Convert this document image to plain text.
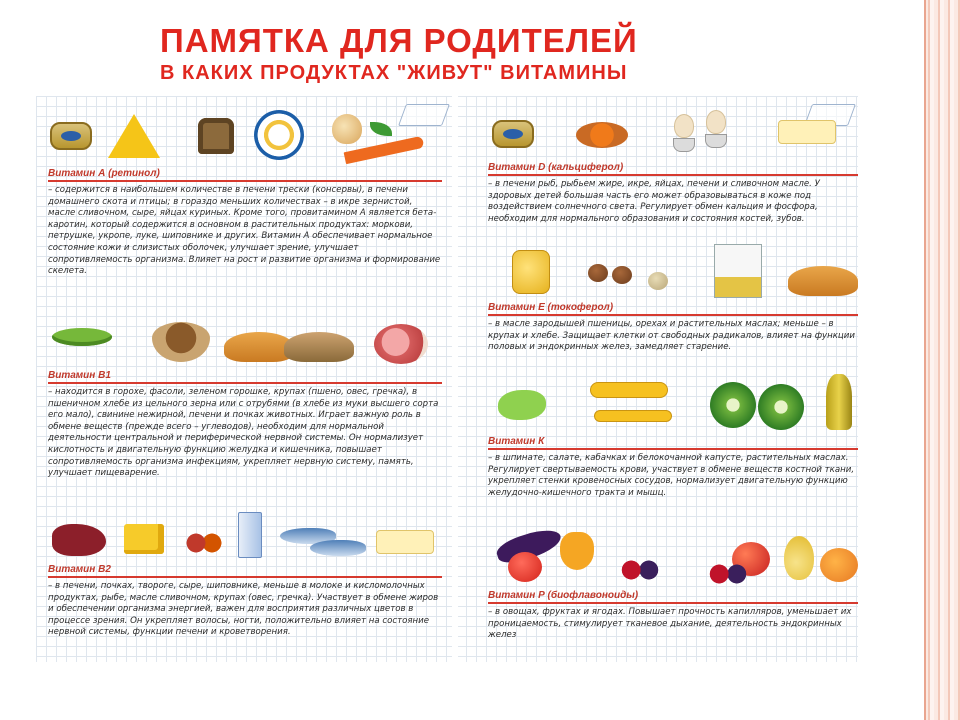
ПАМЯТКА ДЛЯ РОДИТЕЛЕЙ
В КАКИХ ПРОДУКТАХ "ЖИВУТ" ВИТАМИНЫ
Витамин А (ретинол)
– содержится в наибольшем количестве в печени трески (консервы), в печени домашнего скота и птицы; в гораздо меньших количествах – в икре зернистой, масле сливочном, сыре, яйцах куриных. Кроме того, провитамином А является бета-каротин, который содержится в основном в растительных продуктах: моркови, петрушке, укропе, луке, шиповнике и других. Витамин А обеспечивает нормальное состояние кожи и слизистых оболочек, улучшает зрение, улучшает сопротивляемость организма. Влияет на рост и развитие организма и формирование скелета.
Витамин В1
– находится в горохе, фасоли, зеленом горошке, крупах (пшено, овес, гречка), в пшеничном хлебе из цельного зерна или с отрубями (в хлебе из муки высшего сорта его мало), свинине нежирной, печени и почках животных. Играет важную роль в обмене веществ (прежде всего – углеводов), необходим для нормальной деятельности центральной и периферической нервной системы. Он нормализует кислотность и двигательную функцию желудка и кишечника, повышает сопротивляемость организма инфекциям, укрепляет нервную систему, память, улучшает пищеварение.
Витамин В2
– в печени, почках, твороге, сыре, шиповнике, меньше в молоке и кисломолочных продуктах, рыбе, масле сливочном, крупах (овес, гречка). Участвует в обмене жиров и обеспечении организма энергией, важен для восприятия различных цветов в процессе зрения. Он укрепляет волосы, ногти, положительно влияет на состояние нервной системы, функции печени и кроветворения.
Витамин D (кальциферол)
– в печени рыб, рыбьем жире, икре, яйцах, печени и сливочном масле. У здоровых детей большая часть его может образовываться в коже под воздействием солнечного света. Регулирует обмен кальция и фосфора, необходим для нормального образования и состояния костей, зубов.
Витамин Е (токоферол)
– в масле зародышей пшеницы, орехах и растительных маслах; меньше – в крупах и хлебе. Защищает клетки от свободных радикалов, влияет на функции половых и эндокринных желез, замедляет старение.
Витамин К
– в шпинате, салате, кабачках и белокочанной капусте, растительных маслах. Регулирует свертываемость крови, участвует в обмене веществ костной ткани, укрепляет стенки кровеносных сосудов, нормализует двигательную функцию желудочно-кишечного тракта и мышц.
Витамин Р (биофлавоноиды)
– в овощах, фруктах и ягодах. Повышает прочность капилляров, уменьшает их проницаемость, стимулирует тканевое дыхание, деятельность эндокринных желез
